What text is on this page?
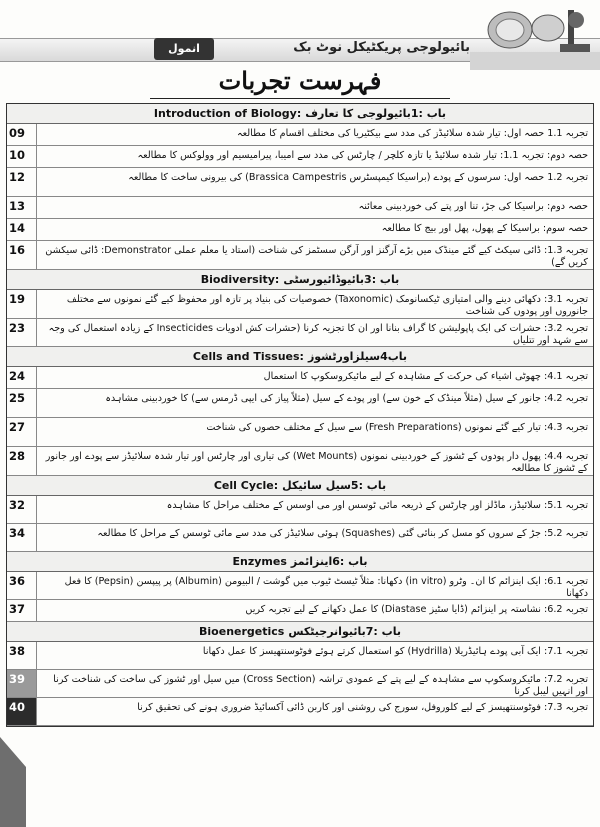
انمول	بائیولوجی پریکٹیکل نوٹ بک
فہرست تجربات
Introduction of Biology: باب :1بائیولوجی کا تعارف
09	تجربہ 1.1 حصہ اول: تیار شدہ سلائیڈز کی مدد سے بیکٹیریا کی مختلف اقسام کا مطالعہ
10	حصہ دوم: تجربہ 1.1: تیار شدہ سلائیڈ یا تازہ کلچر / چارٹس کی مدد سے امیبا، پیرامیسیم اور وولوکس کا مطالعہ
12	تجربہ 1.2 حصہ اول: سرسوں کے پودے (براسیکا کیمپسٹرس Brassica Campestris) کی بیرونی ساخت کا مطالعہ
13	حصہ دوم: براسیکا کی جڑ، تنا اور پتے کی خوردبینی معائنہ
14	حصہ سوم: براسیکا کے پھول، پھل اور بیج کا مطالعہ
16	تجربہ 1.3: ڈائی سیکٹ کیے گئے مینڈک میں بڑے آرگنز اور آرگن سسٹمز کی شناخت (استاد یا معلم عملی Demonstrator: ڈائی سیکشن کریں گے)
Biodiversity: باب :3بائیوڈائیورسٹی
19	تجربہ 3.1: دکھائی دینے والی امتیازی ٹیکسانومک (Taxonomic) خصوصیات کی بنیاد پر تازہ اور محفوظ کیے گئے نمونوں سے مختلف جانوروں اور پودوں کی شناخت
23	تجربہ 3.2: حشرات کی ایک پاپولیشن کا گراف بنانا اور ان کا تجزیہ کرنا (حشرات کش ادویات Insecticides کے زیادہ استعمال کی وجہ سے شہد اور تتلیاں
Cells and Tissues: باب4سیلزاورٹشوز
24	تجربہ 4.1: چھوٹی اشیاء کی حرکت کے مشاہدہ کے لیے مائیکروسکوپ کا استعمال
25	تجربہ 4.2: جانور کے سیل (مثلاً مینڈک کے خون سے) اور پودے کے سیل (مثلاً پیاز کی ایپی ڈرمس سے) کا خوردبینی مشاہدہ
27	تجربہ 4.3: تیار کیے گئے نمونوں (Fresh Preparations) سے سیل کے مختلف حصوں کی شناخت
28	تجربہ 4.4: پھول دار پودوں کے ٹشوز کے خوردبینی نمونوں (Wet Mounts) کی تیاری اور چارٹس اور تیار شدہ سلائیڈز سے پودے اور جانور کے ٹشوز کا مطالعہ
Cell Cycle: باب :5سیل سائیکل
32	تجربہ 5.1: سلائیڈز، ماڈلز اور چارٹس کے ذریعہ مائی ٹوسس اور می اوسس کے مختلف مراحل کا مشاہدہ
34	تجربہ 5.2: جڑ کے سروں کو مسل کر بنائی گئی (Squashes) ہوئی سلائیڈز کی مدد سے مائی ٹوسس کے مراحل کا مطالعہ
Enzymes باب :6اینزائمز
36	تجربہ 6.1: ایک اینزائم کا ان۔ وٹرو (in vitro) دکھانا: مثلاً ٹیسٹ ٹیوب میں گوشت / البیومن (Albumin) پر پیپسن (Pepsin) کا فعل دکھانا
37	تجربہ 6.2: نشاستہ پر اینزائم (ڈایا سٹیز Diastase) کا عمل دکھانے کے لیے تجربہ کریں
Bioenergetics باب :7بائیوانرجیٹکس
38	تجربہ 7.1: ایک آبی پودے ہائیڈریلا (Hydrilla) کو استعمال کرتے ہوئے فوٹوسنتھیسز کا عمل دکھانا
39	تجربہ 7.2: مائیکروسکوپ سے مشاہدہ کے لیے پتے کے عمودی تراشہ (Cross Section) میں سیل اور ٹشوز کی ساخت کی شناخت کرنا اور انہیں لیبل کرنا
40	تجربہ 7.3: فوٹوسنتھیسز کے لیے کلوروفل، سورج کی روشنی اور کاربن ڈائی آکسائیڈ ضروری ہونے کی تحقیق کرنا
